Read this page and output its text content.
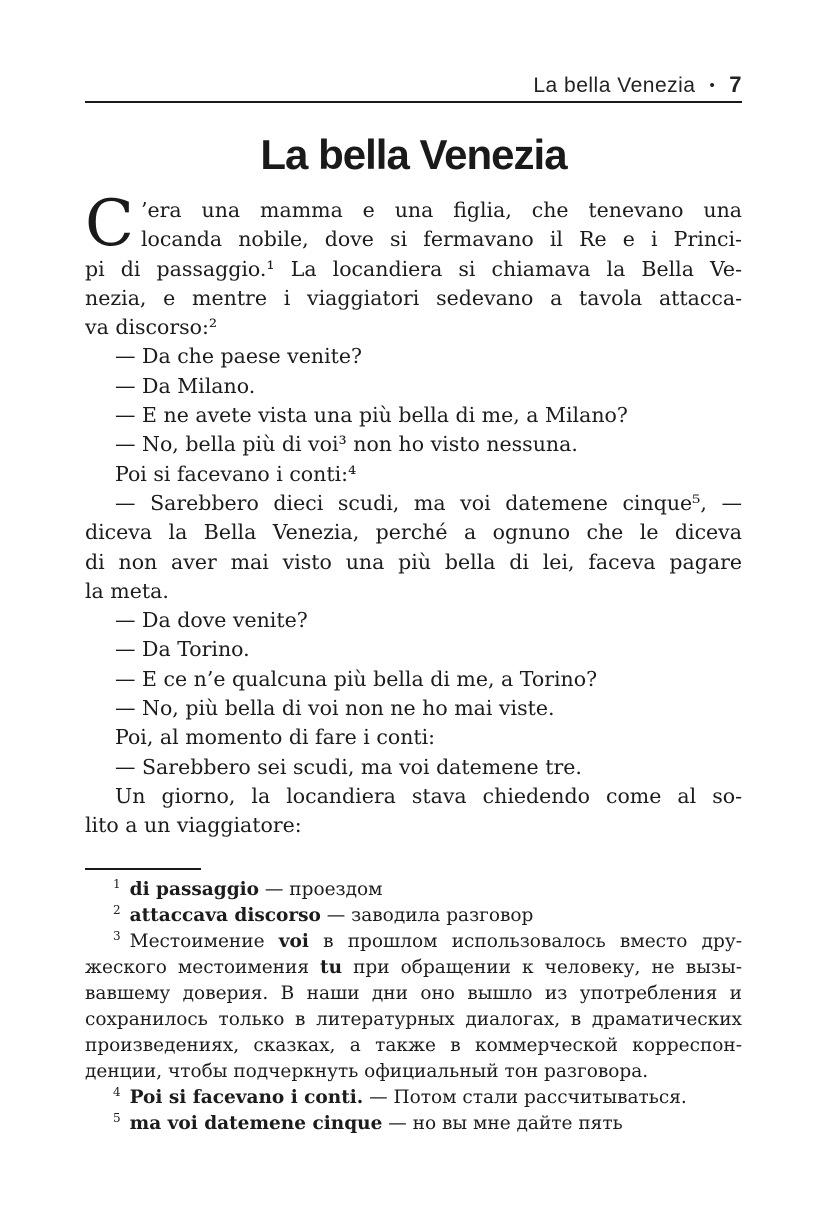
La bella Venezia • 7
La bella Venezia
C ’era una mamma e una figlia, che tenevano una
locanda nobile, dove si fermavano il Re e i Princi-
pi di passaggio.¹ La locandiera si chiamava la Bella Ve-
nezia, e mentre i viaggiatori sedevano a tavola attacca-
va discorso:²
— Da che paese venite?
— Da Milano.
— E ne avete vista una più bella di me, a Milano?
— No, bella più di voi³ non ho visto nessuna.
Poi si facevano i conti:⁴
— Sarebbero dieci scudi, ma voi datemene cinque⁵, —
diceva la Bella Venezia, perché a ognuno che le diceva
di non aver mai visto una più bella di lei, faceva pagare
la meta.
— Da dove venite?
— Da Torino.
— E ce n’e qualcuna più bella di me, a Torino?
— No, più bella di voi non ne ho mai viste.
Poi, al momento di fare i conti:
— Sarebbero sei scudi, ma voi datemene tre.
Un giorno, la locandiera stava chiedendo come al so-
lito a un viaggiatore:
$^1$ di passaggio — проездом
$^2$ attaccava discorso — заводила разговор
$^3$ Местоимение voi в прошлом использовалось вместо дру-
жеского местоимения tu при обращении к человеку, не вызы-
вавшему доверия. В наши дни оно вышло из употребления и
сохранилось только в литературных диалогах, в драматических
произведениях, сказках, а также в коммерческой корреспон-
денции, чтобы подчеркнуть официальный тон разговора.
$^4$ Poi si facevano i conti. — Потом стали рассчитываться.
$^5$ ma voi datemene cinque — но вы мне дайте пять
